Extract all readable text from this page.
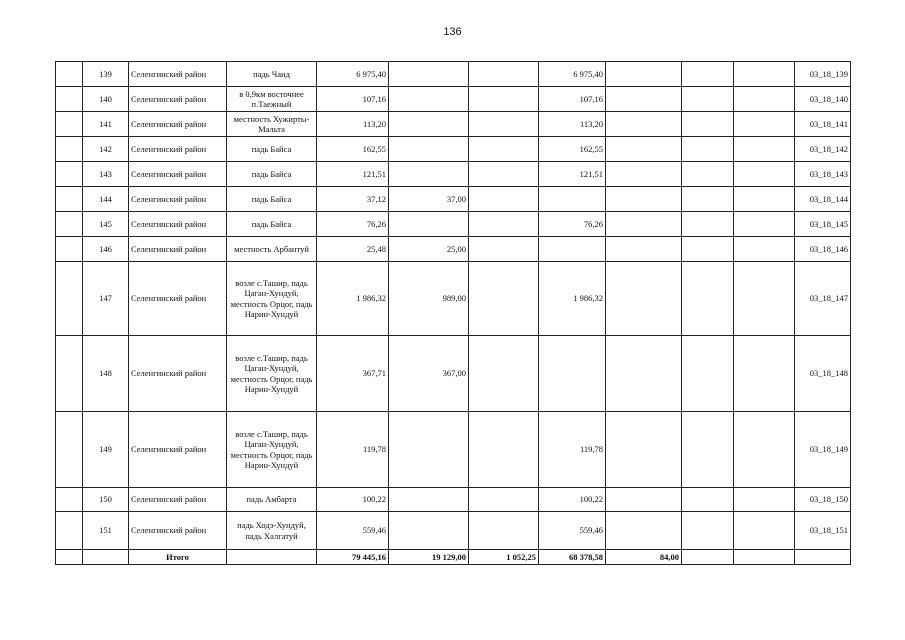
136
	139	Селенгинский район	падь Чаид	6 975,40			6 975,40				03_18_139
	140	Селенгинский район	в 0,9км восточнее п.Таежный	107,16			107,16				03_18_140
	141	Селенгинский район	местность Хужирты-Мальта	113,20			113,20				03_18_141
	142	Селенгинский район	падь Байса	162,55			162,55				03_18_142
	143	Селенгинский район	падь Байса	121,51			121,51				03_18_143
	144	Селенгинский район	падь Байса	37,12	37,00						03_18_144
	145	Селенгинский район	падь Байса	76,26			76,26				03_18_145
	146	Селенгинский район	местность Арбантуй	25,48	25,00						03_18_146
	147	Селенгинский район	возле с.Ташир, падь Цаган-Хундуй, местность Орцог, падь Нарин-Хундуй	1 986,32	989,00		1 986,32				03_18_147
	148	Селенгинский район	возле с.Ташир, падь Цаган-Хундуй, местность Орцог, падь Нарин-Хундуй	367,71	367,00						03_18_148
	149	Селенгинский район	возле с.Ташир, падь Цаган-Хундуй, местность Орцог, падь Нарин-Хундуй	119,78			119,78				03_18_149
	150	Селенгинский район	падь Амбарта	100,22			100,22				03_18_150
	151	Селенгинский район	падь Ходэ-Хундуй, падь Халгатуй	559,46			559,46				03_18_151
		Итого		79 445,16	19 129,00	1 052,25	68 378,58	84,00			
